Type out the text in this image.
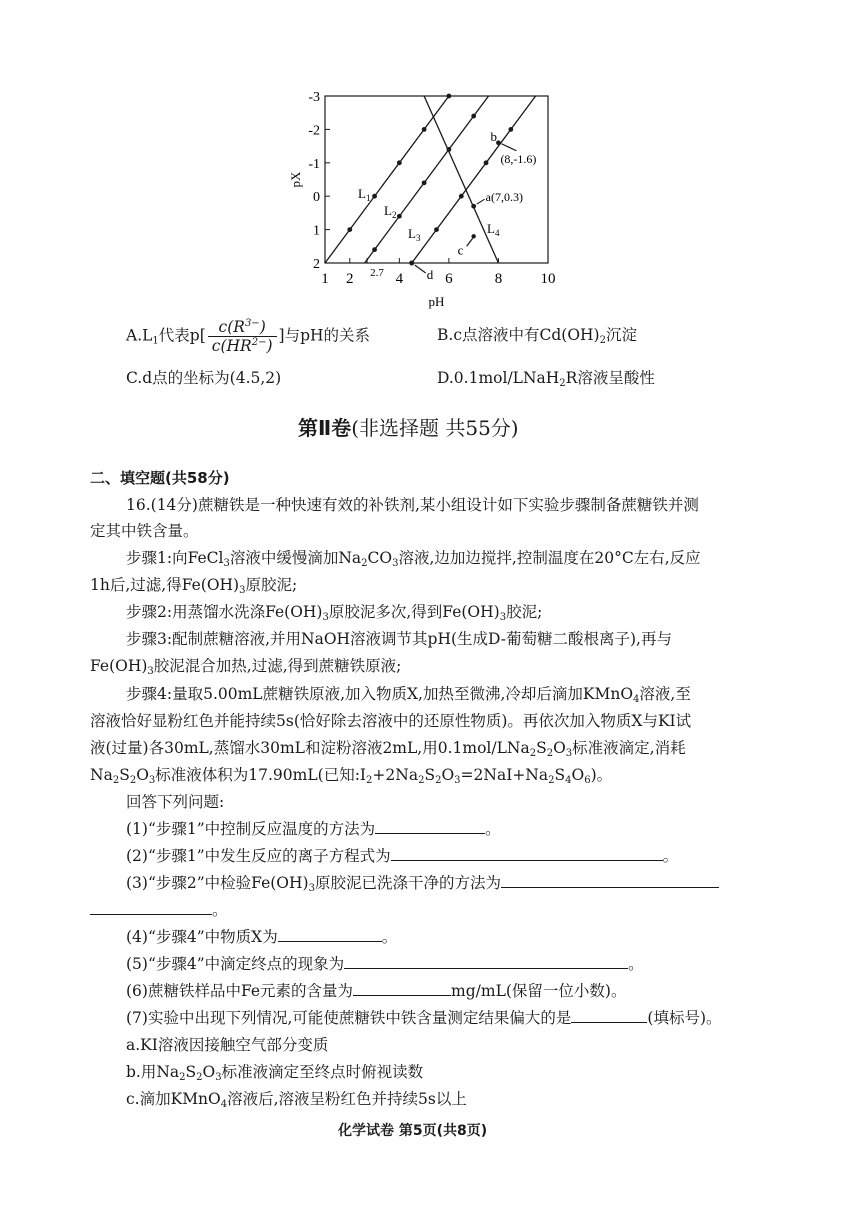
1 2	4	6	8	10
-3
-2
-1
0
1
2
pH
pX
$L_1$
$L_2$
$L_3$
$L_4$
a(7,0.3)
b
(8,-1.6)
c
d
2.7
$A.L_1$代表$p[ \frac{c(R^{3-})}{c(HR^{2-})}$ ]与pH的关系	B.c点溶液中有$Cd(OH)_2$沉淀
C.d点的坐标为(4.5,2)	D.0.1mol/LNaH$_2$R溶液呈酸性
第Ⅱ卷(非选择题 共55分)
二、填空题(共58分)
16.(14分)蔗糖铁是一种快速有效的补铁剂,某小组设计如下实验步骤制备蔗糖铁并测
定其中铁含量。
步骤1:向FeCl$_3$溶液中缓慢滴加$Na_2CO_3$溶液,边加边搅拌,控制温度在20°C左右,反应
1h后,过滤,得$Fe(OH)_3$原胶泥;
步骤2:用蒸馏水洗涤$Fe(OH)_3$原胶泥多次,得到$Fe(OH)_3$胶泥;
步骤3:配制蔗糖溶液,并用NaOH溶液调节其pH(生成D-葡萄糖二酸根离子),再与
$Fe(OH)_3$胶泥混合加热,过滤,得到蔗糖铁原液;
步骤4:量取5.00mL蔗糖铁原液,加入物质X,加热至微沸,冷却后滴加KMnO$_4$溶液,至
溶液恰好显粉红色并能持续5s(恰好除去溶液中的还原性物质)。再依次加入物质X与KI试
液(过量)各30mL,蒸馏水30mL和淀粉溶液2mL,用$0.1mol/LNa_2S_2O_3$标准液滴定,消耗
$Na_2S_2O_3$标准液体积为17.90mL(已知$:I_2+2Na_2S_2O_3=2NaI+Na_2S_4O_6$)。
回答下列问题:
(1)“步骤1”中控制反应温度的方法为	。
(2)“步骤1”中发生反应的离子方程式为	。
(3)“步骤2”中检验$Fe(OH)_3$原胶泥已洗涤干净的方法为
。
(4)“步骤4”中物质X为	。
(5)“步骤4”中滴定终点的现象为	。
(6)蔗糖铁样品中Fe元素的含量为	mg/mL(保留一位小数)。
(7)实验中出现下列情况,可能使蔗糖铁中铁含量测定结果偏大的是	(填标号)。
a.KI溶液因接触空气部分变质
b.用$Na_2S_2O_3$标准液滴定至终点时俯视读数
c.滴加KMnO$_4$溶液后,溶液呈粉红色并持续5s以上
化学试卷 第5页(共8页)
